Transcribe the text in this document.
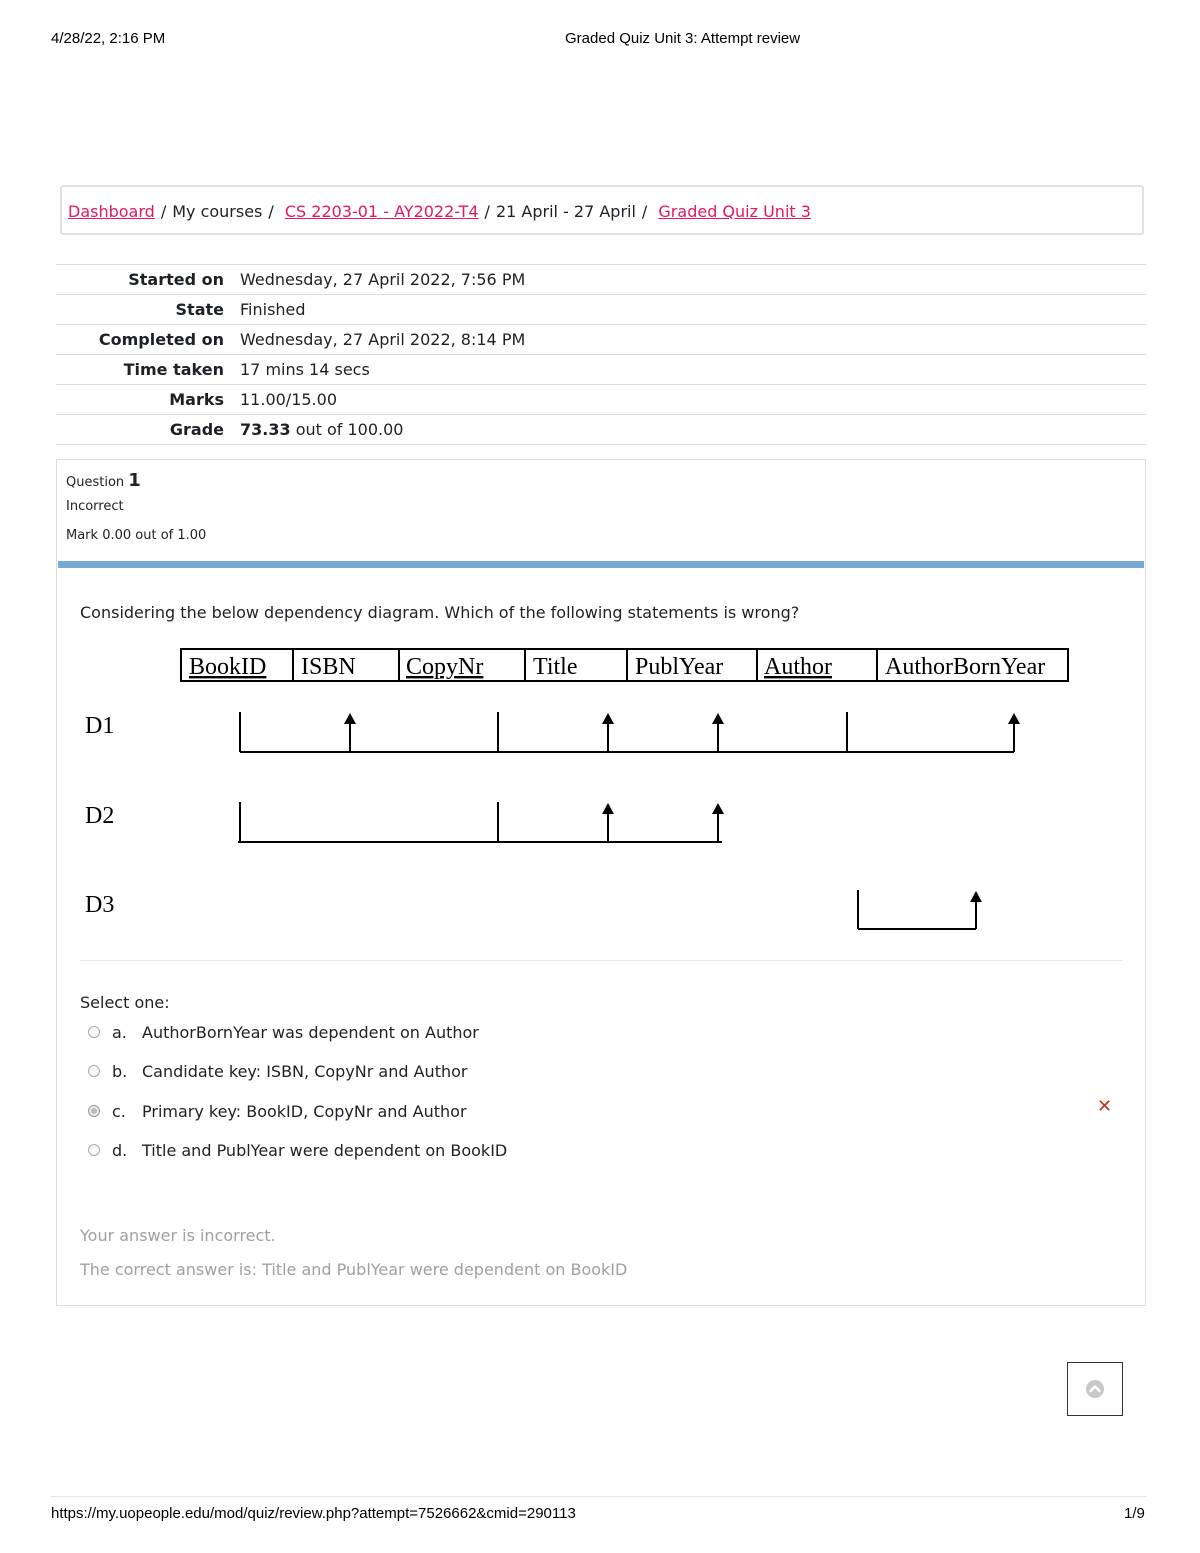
4/28/22, 2:16 PM	Graded Quiz Unit 3: Attempt review
Dashboard / My courses / CS 2203-01 - AY2022-T4 / 21 April - 27 April / Graded Quiz Unit 3
Started on	Wednesday, 27 April 2022, 7:56 PM
State	Finished
Completed on	Wednesday, 27 April 2022, 8:14 PM
Time taken	17 mins 14 secs
Marks	11.00/15.00
Grade	73.33 out of 100.00
Question 1
Incorrect
Mark 0.00 out of 1.00
Considering the below dependency diagram. Which of the following statements is wrong?
BookID ISBN CopyNr Title PublYear Author AuthorBornYear
D1
D2
D3
Select one:
a. AuthorBornYear was dependent on Author
b. Candidate key: ISBN, CopyNr and Author
c.	Primary key: BookID, CopyNr and Author
d. Title and PublYear were dependent on BookID
✕
Your answer is incorrect.
The correct answer is: Title and PublYear were dependent on BookID
https://my.uopeople.edu/mod/quiz/review.php?attempt=7526662&cmid=290113	1/9
